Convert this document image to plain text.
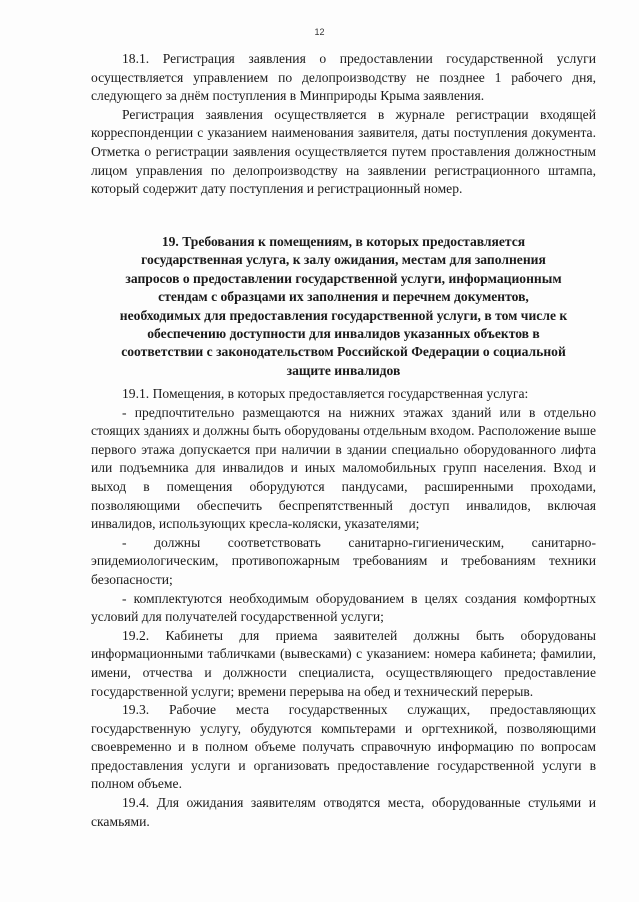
12

18.1. Регистрация заявления о предоставлении государственной услуги осуществляется управлением по делопроизводству не позднее 1 рабочего дня, следующего за днём поступления в Минприроды Крыма заявления.

Регистрация заявления осуществляется в журнале регистрации входящей корреспонденции с указанием наименования заявителя, даты поступления документа. Отметка о регистрации заявления осуществляется путем проставления должностным лицом управления по делопроизводству на заявлении регистрационного штампа, который содержит дату поступления и регистрационный номер.

19. Требования к помещениям, в которых предоставляется
государственная услуга, к залу ожидания, местам для заполнения
запросов о предоставлении государственной услуги, информационным
стендам с образцами их заполнения и перечнем документов,
необходимых для предоставления государственной услуги, в том числе к
обеспечению доступности для инвалидов указанных объектов в
соответствии с законодательством Российской Федерации о социальной
защите инвалидов

19.1. Помещения, в которых предоставляется государственная услуга:

- предпочтительно размещаются на нижних этажах зданий или в отдельно стоящих зданиях и должны быть оборудованы отдельным входом. Расположение выше первого этажа допускается при наличии в здании специально оборудованного лифта или подъемника для инвалидов и иных маломобильных групп населения. Вход и выход в помещения оборудуются пандусами, расширенными проходами, позволяющими обеспечить беспрепятственный доступ инвалидов, включая инвалидов, использующих кресла-коляски, указателями;

- должны соответствовать санитарно-гигиеническим, санитарно-эпидемиологическим, противопожарным требованиям и требованиям техники безопасности;

- комплектуются необходимым оборудованием в целях создания комфортных условий для получателей государственной услуги;

19.2. Кабинеты для приема заявителей должны быть оборудованы информационными табличками (вывесками) с указанием: номера кабинета; фамилии, имени, отчества и должности специалиста, осуществляющего предоставление государственной услуги; времени перерыва на обед и технический перерыв.

19.3. Рабочие места государственных служащих, предоставляющих государственную услугу, обудуются компьтерами и оргтехникой, позволяющими своевременно и в полном объеме получать справочную информацию по вопросам предоставления услуги и организовать предоставление государственной услуги в полном объеме.

19.4. Для ожидания заявителям отводятся места, оборудованные стульями и скамьями.
